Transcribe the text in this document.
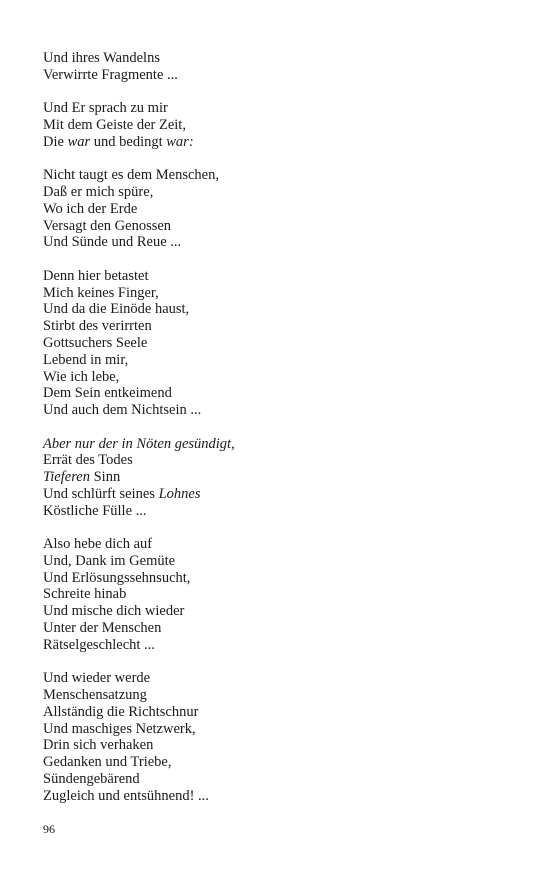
Und ihres Wandelns
Verwirrte Fragmente ...
Und Er sprach zu mir
Mit dem Geiste der Zeit,
Die war und bedingt war:
Nicht taugt es dem Menschen,
Daß er mich spüre,
Wo ich der Erde
Versagt den Genossen
Und Sünde und Reue ...
Denn hier betastet
Mich keines Finger,
Und da die Einöde haust,
Stirbt des verirrten
Gottsuchers Seele
Lebend in mir,
Wie ich lebe,
Dem Sein entkeimend
Und auch dem Nichtsein ...
Aber nur der in Nöten gesündigt,
Errät des Todes
Tieferen Sinn
Und schlürft seines Lohnes
Köstliche Fülle ...
Also hebe dich auf
Und, Dank im Gemüte
Und Erlösungssehnsucht,
Schreite hinab
Und mische dich wieder
Unter der Menschen
Rätselgeschlecht ...
Und wieder werde
Menschensatzung
Allständig die Richtschnur
Und maschiges Netzwerk,
Drin sich verhaken
Gedanken und Triebe,
Sündengebärend
Zugleich und entsühnend! ...
96
